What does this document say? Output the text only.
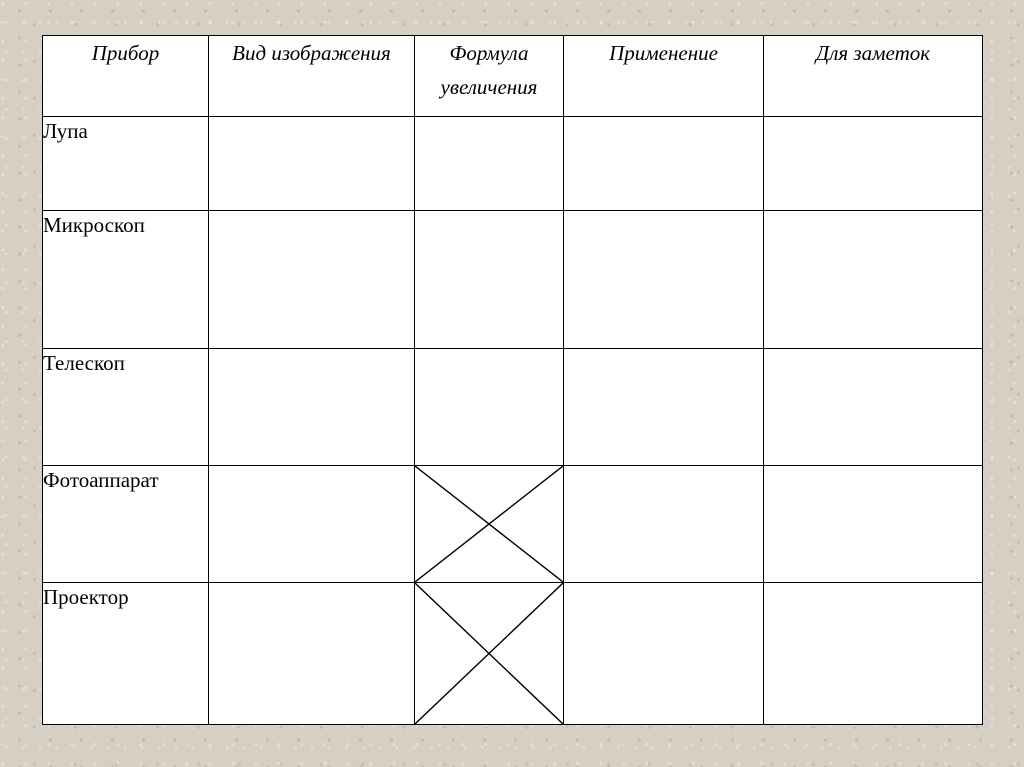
Прибор	Вид изображения	Формула увеличения	Применение	Для заметок
Лупа				
Микроскоп				
Телескоп				
Фотоаппарат		

Проектор		
